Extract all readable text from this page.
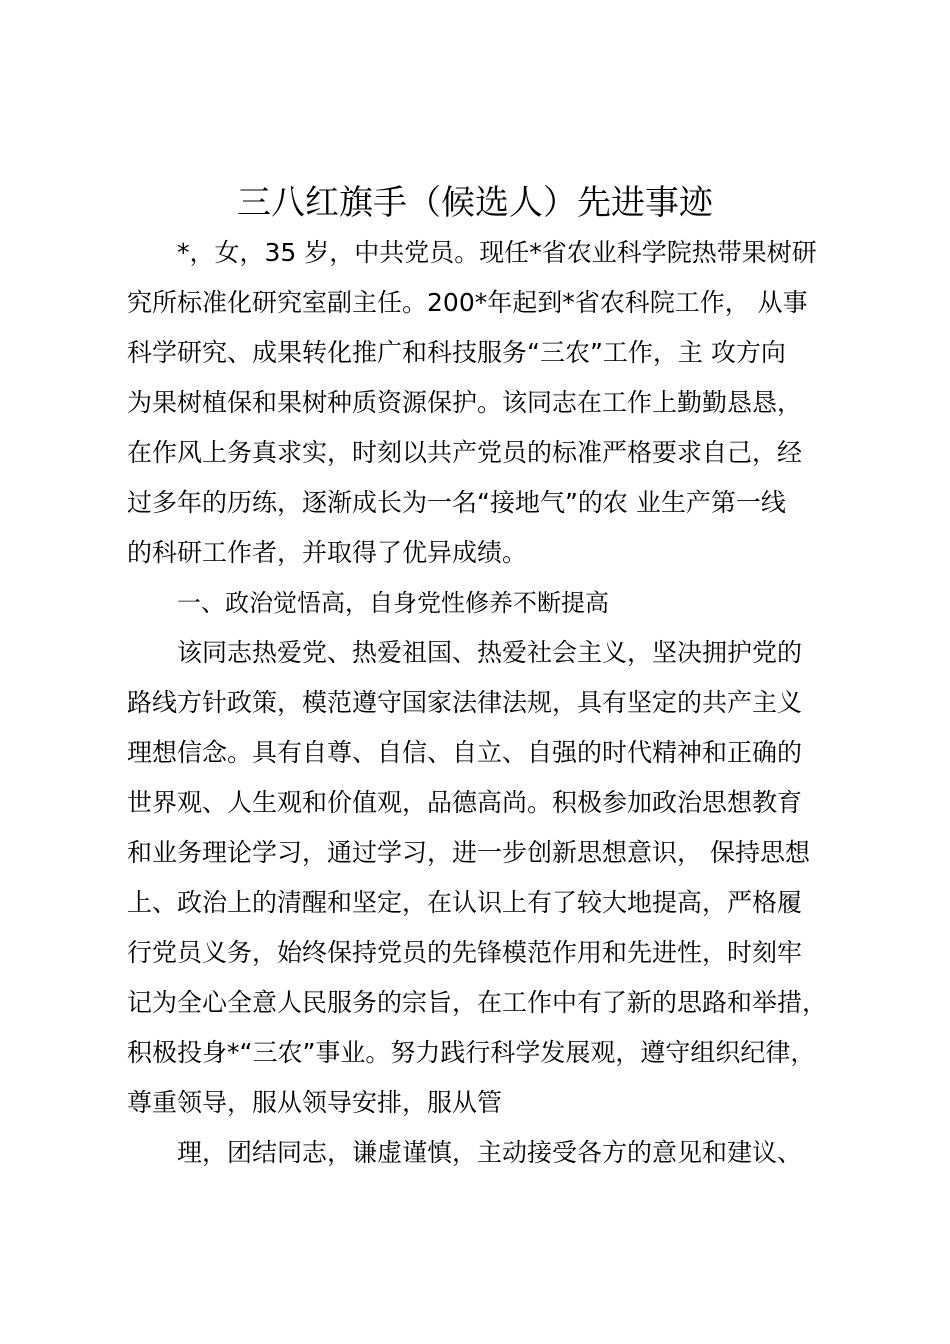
三八红旗手（候选人）先进事迹
*，女，35 岁，中共党员。现任*省农业科学院热带果树研
究所标准化研究室副主任。200*年起到*省农科院工作， 从事
科学研究、成果转化推广和科技服务“三农”工作，主 攻方向
为果树植保和果树种质资源保护。该同志在工作上勤勤恳恳，
在作风上务真求实，时刻以共产党员的标准严格要求自己，经
过多年的历练，逐渐成长为一名“接地气”的农 业生产第一线
的科研工作者，并取得了优异成绩。
一、政治觉悟高，自身党性修养不断提高
该同志热爱党、热爱祖国、热爱社会主义，坚决拥护党的
路线方针政策，模范遵守国家法律法规，具有坚定的共产主义
理想信念。具有自尊、自信、自立、自强的时代精神和正确的
世界观、人生观和价值观，品德高尚。积极参加政治思想教育
和业务理论学习，通过学习，进一步创新思想意识， 保持思想
上、政治上的清醒和坚定，在认识上有了较大地提高，严格履
行党员义务，始终保持党员的先锋模范作用和先进性，时刻牢
记为全心全意人民服务的宗旨，在工作中有了新的思路和举措，
积极投身*“三农”事业。努力践行科学发展观，遵守组织纪律，
尊重领导，服从领导安排，服从管
理，团结同志，谦虚谨慎，主动接受各方的意见和建议、
